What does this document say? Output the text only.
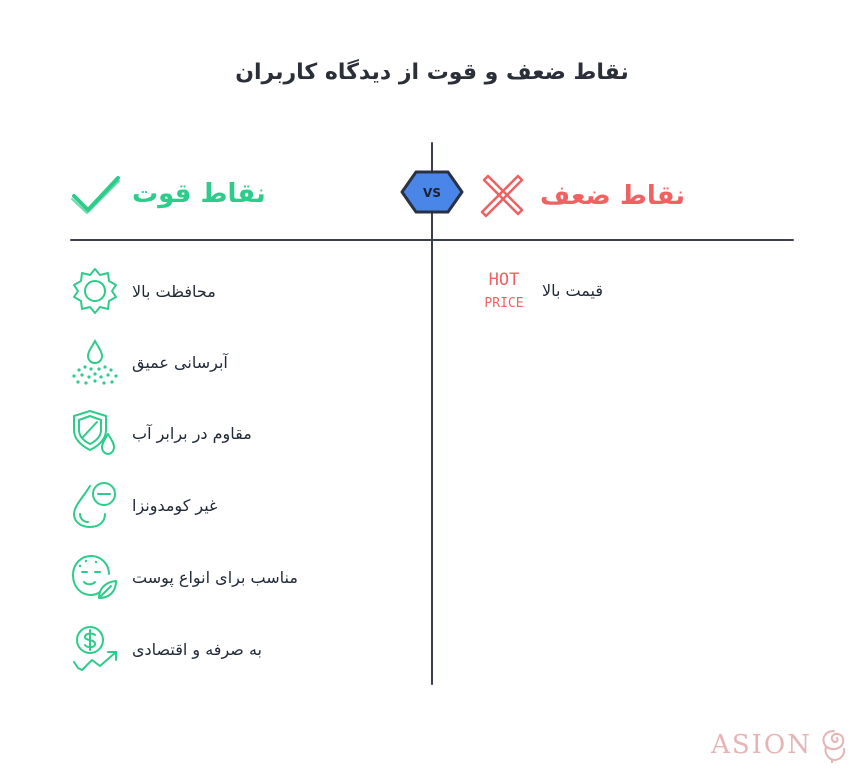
نقاط ضعف و قوت از دیدگاه کاربران
نقاط قوت	VS	نقاط ضعف
محافظت بالا
آبرسانی عمیق
مقاوم در برابر آب
غیر کومدونزا
مناسب برای انواع پوست
به صرفه و اقتصادی
HOT
PRICE
قیمت بالا
ASION
